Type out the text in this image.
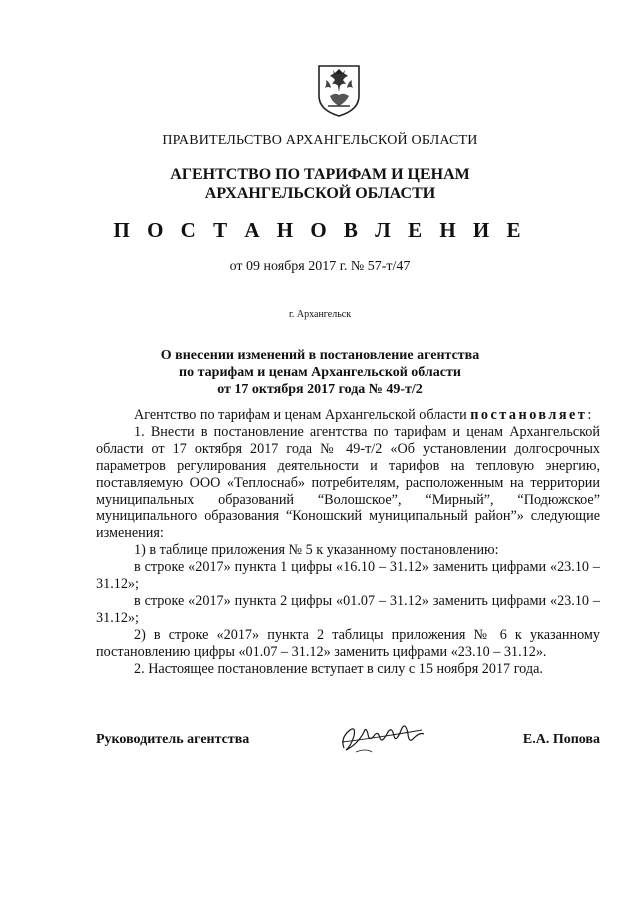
ПРАВИТЕЛЬСТВО АРХАНГЕЛЬСКОЙ ОБЛАСТИ
АГЕНТСТВО ПО ТАРИФАМ И ЦЕНАМ
АРХАНГЕЛЬСКОЙ ОБЛАСТИ
П О С Т А Н О В Л Е Н И Е
от 09 ноября 2017 г. № 57-т/47
г. Архангельск
О внесении изменений в постановление агентства
по тарифам и ценам Архангельской области
от 17 октября 2017 года № 49-т/2

Агентство по тарифам и ценам Архангельской области постановляет:

1. Внести в постановление агентства по тарифам и ценам Архангельской области от 17 октября 2017 года № 49-т/2 «Об установлении долгосрочных параметров регулирования деятельности и тарифов на тепловую энергию, поставляемую ООО «Теплоснаб» потребителям, расположенным на территории муниципальных образований “Волошское”, “Мирный”, “Подюжское” муниципального образования “Коношский муниципальный район”» следующие изменения:

1) в таблице приложения № 5 к указанному постановлению:

в строке «2017» пункта 1 цифры «16.10 – 31.12» заменить цифрами «23.10 – 31.12»;

в строке «2017» пункта 2 цифры «01.07 – 31.12» заменить цифрами «23.10 – 31.12»;

2) в строке «2017» пункта 2 таблицы приложения № 6 к указанному постановлению цифры «01.07 – 31.12» заменить цифрами «23.10 – 31.12».

2. Настоящее постановление вступает в силу с 15 ноября 2017 года.

Руководитель агентства	Е.А. Попова
